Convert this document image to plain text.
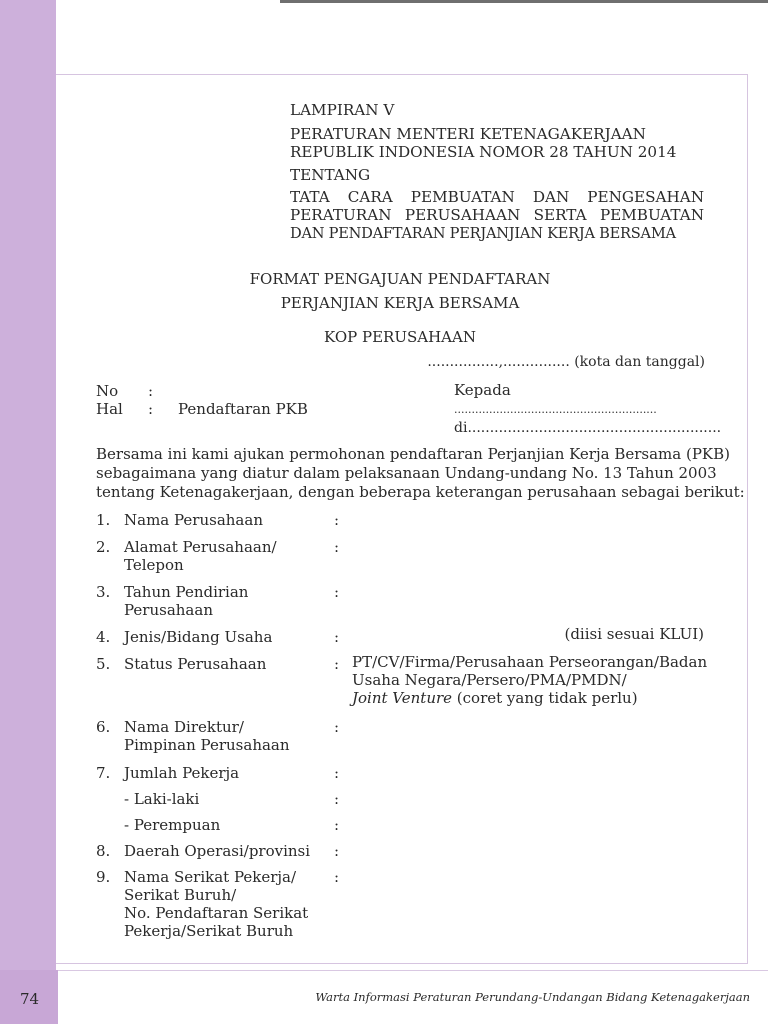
LAMPIRAN V
PERATURAN MENTERI KETENAGAKERJAAN
REPUBLIK INDONESIA NOMOR 28 TAHUN 2014
TENTANG
TATA CARA PEMBUATAN DAN PENGESAHAN
PERATURAN PERUSAHAAN SERTA PEMBUATAN
DAN PENDAFTARAN PERJANJIAN KERJA BERSAMA
FORMAT PENGAJUAN PENDAFTARAN
PERJANJIAN KERJA BERSAMA
KOP PERUSAHAAN
................,............... (kota dan tanggal)
No :
Hal : Pendaftaran PKB
Kepada
..........................................................
di.........................................................
Bersama ini kami ajukan permohonan pendaftaran Perjanjian Kerja Bersama (PKB)
sebagaimana yang diatur dalam pelaksanaan Undang-undang No. 13 Tahun 2003
tentang Ketenagakerjaan, dengan beberapa keterangan perusahaan sebagai berikut:
1. Nama Perusahaan	:
2. Alamat Perusahaan/
Telepon
:
3. Tahun Pendirian
Perusahaan
:
4. Jenis/Bidang Usaha	:	(diisi sesuai KLUI)
5. Status Perusahaan	: PT/CV/Firma/Perusahaan Perseorangan/Badan
Usaha Negara/Persero/PMA/PMDN/
Joint Venture (coret yang tidak perlu)
6. Nama Direktur/
Pimpinan Perusahaan
:
7. Jumlah Pekerja	:
- Laki-laki	:
- Perempuan	:
8. Daerah Operasi/provinsi :
9. Nama Serikat Pekerja/
Serikat Buruh/
No. Pendaftaran Serikat
Pekerja/Serikat Buruh
:
74	Warta Informasi Peraturan Perundang-Undangan Bidang Ketenagakerjaan
